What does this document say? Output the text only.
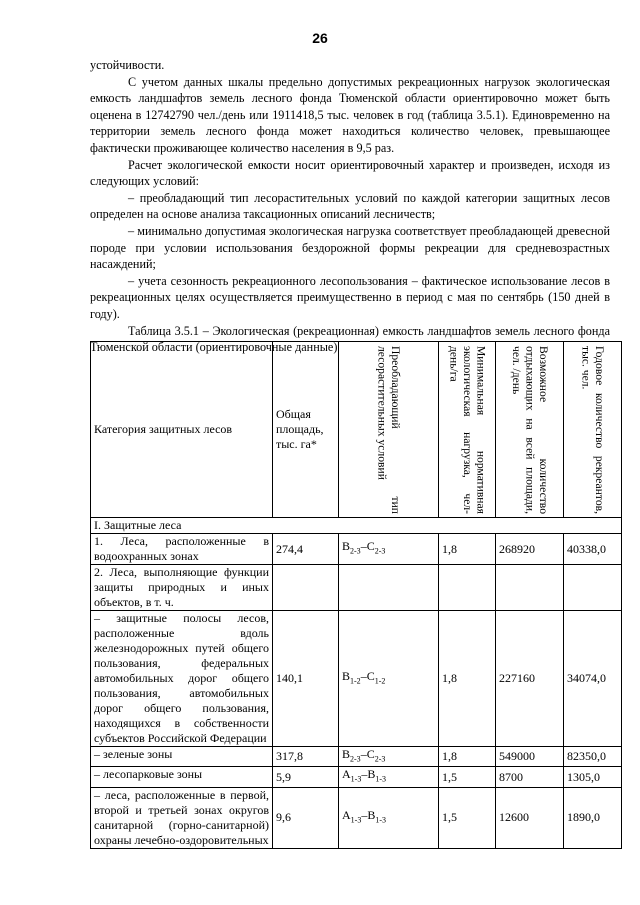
26

устойчивости.

С учетом данных шкалы предельно допустимых рекреационных нагрузок экологическая емкость ландшафтов земель лесного фонда Тюменской области ориентировочно может быть оценена в 12742790 чел./день или 1911418,5 тыс. человек в год (таблица 3.5.1). Единовременно на территории земель лесного фонда может находиться количество человек, превышающее фактически проживающее количество населения в 9,5 раз.

Расчет экологической емкости носит ориентировочный характер и произведен, исходя из следующих условий:

– преобладающий тип лесорастительных условий по каждой категории защитных лесов определен на основе анализа таксационных описаний лесничеств;

– минимально допустимая экологическая нагрузка соответствует преобладающей древесной породе при условии использования бездорожной формы рекреации для средневозрастных насаждений;

– учета сезонность рекреационного лесопользования – фактическое использование лесов в рекреационных целях осуществляется преимущественно в период с мая по сентябрь (150 дней в году).

Таблица 3.5.1 – Экологическая (рекреационная) емкость ландшафтов земель лесного фонда Тюменской области (ориентировочные данные)

Категория защитных лесов	Общая площадь, тыс. га*	Преобладающий тип лесорастительных условий	Минимальная нормативная экологическая нагрузка, чел-день/га	Возможное количество отдыхающих на всей площади, чел. /день	Годовое количество рекреантов, тыс. чел.

I. Защитные леса					
1. Леса, расположенные в водоохранных зонах	274,4	$B_{2-3}-C_{2-3}$	1,8	268920	40338,0
2. Леса, выполняющие функции защиты природных и иных объектов, в т. ч.					
– защитные полосы лесов, расположенные вдоль железнодорожных путей общего пользования, федеральных автомобильных дорог общего пользования, автомобильных дорог общего пользования, находящихся в собственности субъектов Российской Федерации	140,1	$B_{1-2}-C_{1-2}$	1,8	227160	34074,0
– зеленые зоны	317,8	$B_{2-3}-C_{2-3}$	1,8	549000	82350,0
– лесопарковые зоны	5,9	$A_{1-3}-B_{1-3}$	1,5	8700	1305,0
– леса, расположенные в первой, второй и третьей зонах округов санитарной (горно-санитарной) охраны лечебно-оздоровительных	9,6	$A_{1-3}-B_{1-3}$	1,5	12600	1890,0
